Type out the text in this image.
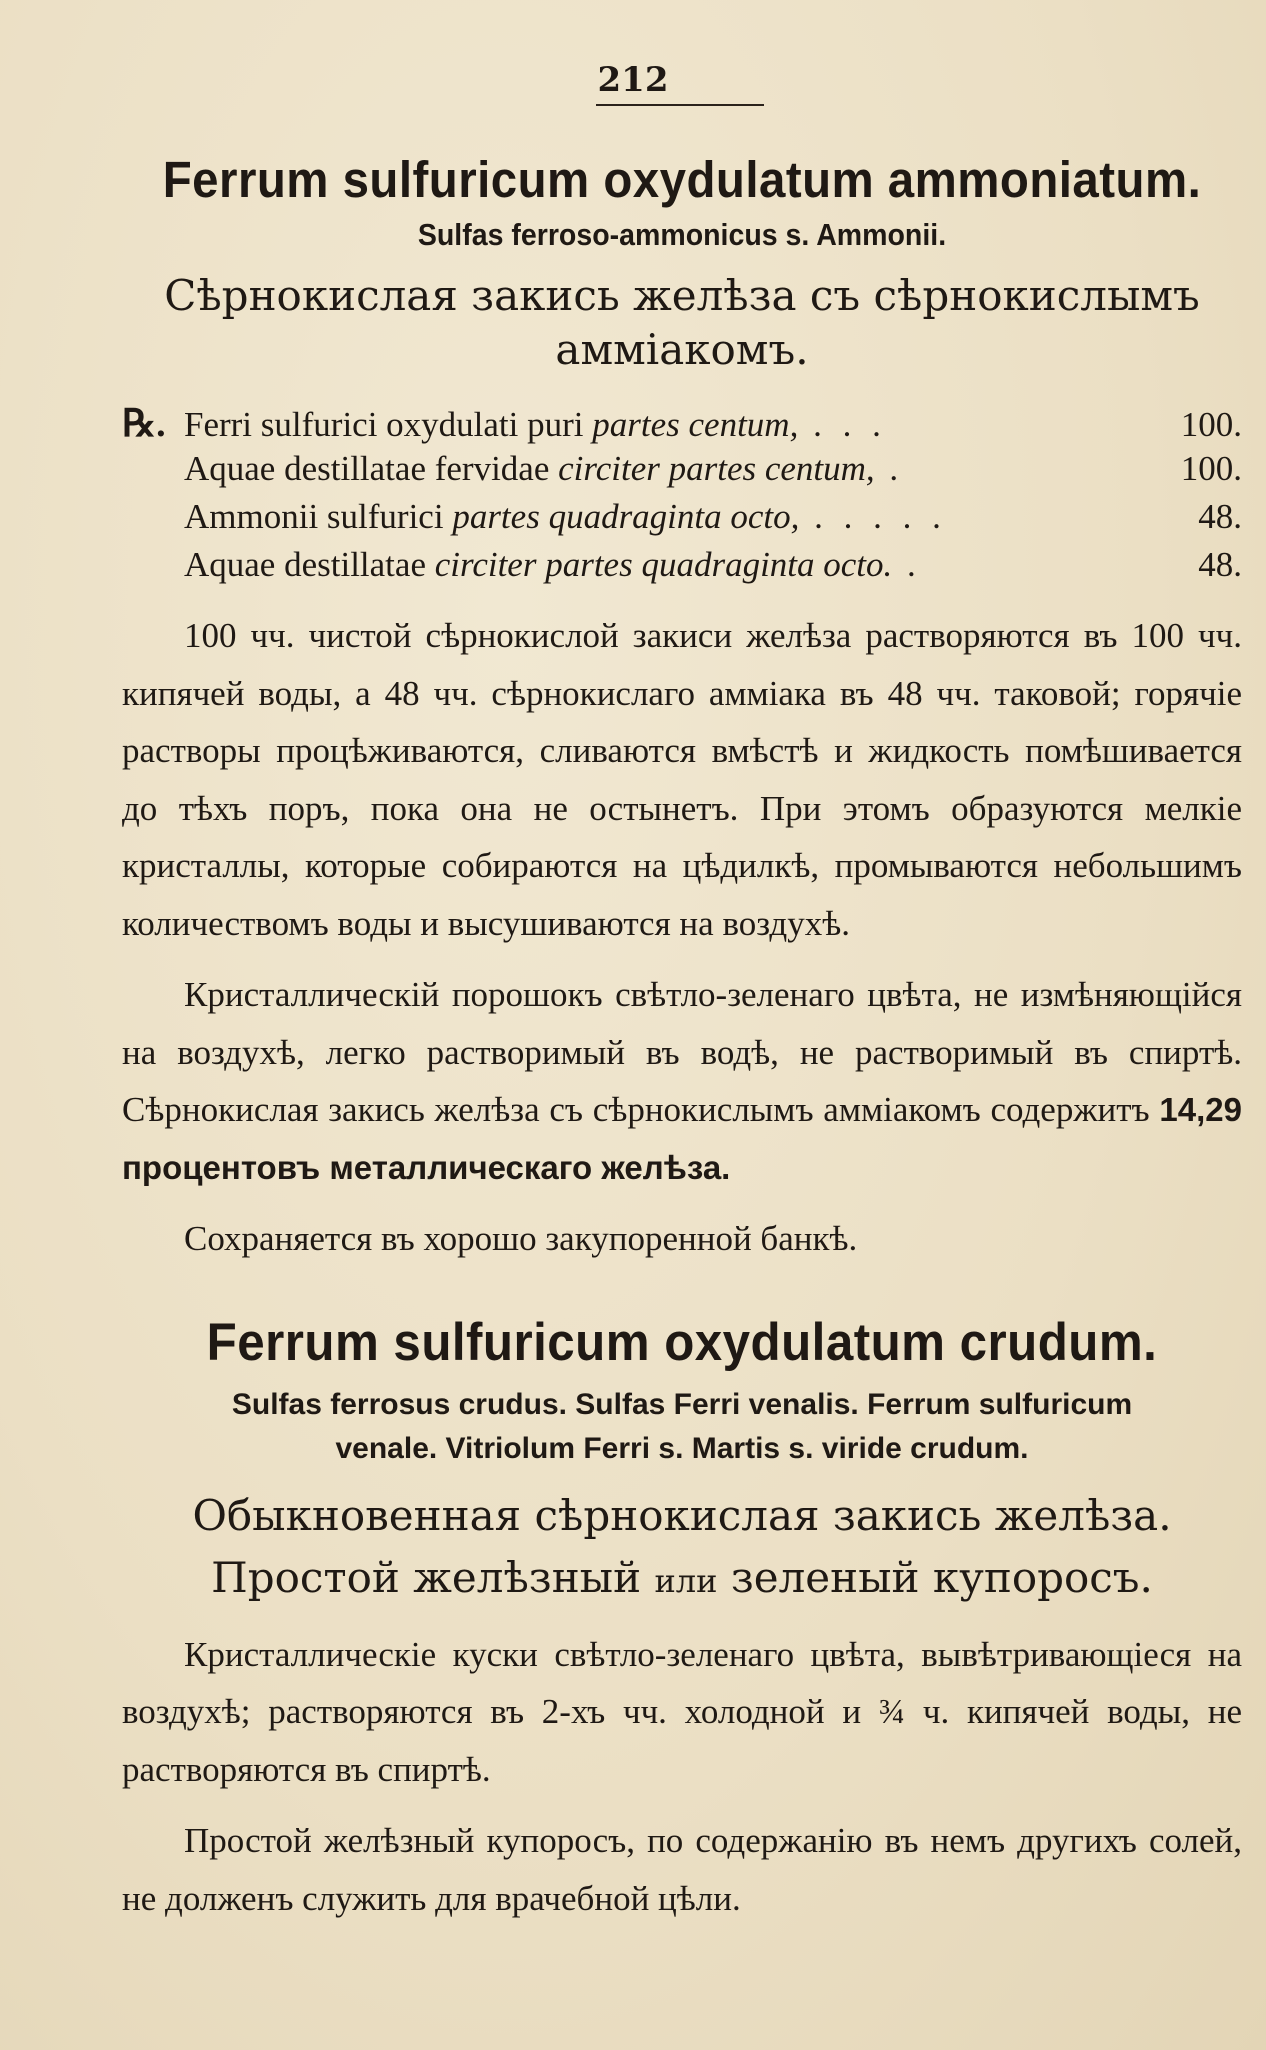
212
Ferrum sulfuricum oxydulatum ammoniatum.
Sulfas ferroso-ammonicus s. Ammonii.
Сѣрнокислая закись желѣза съ сѣрнокислымъ
амміакомъ.
℞. Ferri sulfurici oxydulati puri partes centum, . . .	100.
Aquae destillatae fervidae circiter partes centum, .	100.
Ammonii sulfurici partes quadraginta octo, . . . . .	48.
Aquae destillatae circiter partes quadraginta octo. .	48.

100 чч. чистой сѣрнокислой закиси желѣза растворяются въ 100 чч. кипячей воды, а 48 чч. сѣрнокислаго амміака въ 48 чч. таковой; горячіе растворы процѣживаются, сливаются вмѣстѣ и жидкость помѣшивается до тѣхъ поръ, пока она не остынетъ. При этомъ образуются мелкіе кристаллы, которые собираются на цѣдилкѣ, промываются небольшимъ количествомъ воды и высушиваются на воздухѣ.

Кристаллическій порошокъ свѣтло-зеленаго цвѣта, не измѣняющійся на воздухѣ, легко растворимый въ водѣ, не растворимый въ спиртѣ. Сѣрнокислая закись желѣза съ сѣрнокислымъ амміакомъ содержитъ 14,29 процентовъ металлическаго желѣза.

Сохраняется въ хорошо закупоренной банкѣ.

Ferrum sulfuricum oxydulatum crudum.
Sulfas ferrosus crudus. Sulfas Ferri venalis. Ferrum sulfuricum
venale. Vitriolum Ferri s. Martis s. viride crudum.
Обыкновенная сѣрнокислая закись желѣза.
Простой желѣзный или зеленый купоросъ.

Кристаллическіе куски свѣтло-зеленаго цвѣта, вывѣтривающіеся на воздухѣ; растворяются въ 2-хъ чч. холодной и ¾ ч. кипячей воды, не растворяются въ спиртѣ.

Простой желѣзный купоросъ, по содержанію въ немъ другихъ солей, не долженъ служить для врачебной цѣли.
